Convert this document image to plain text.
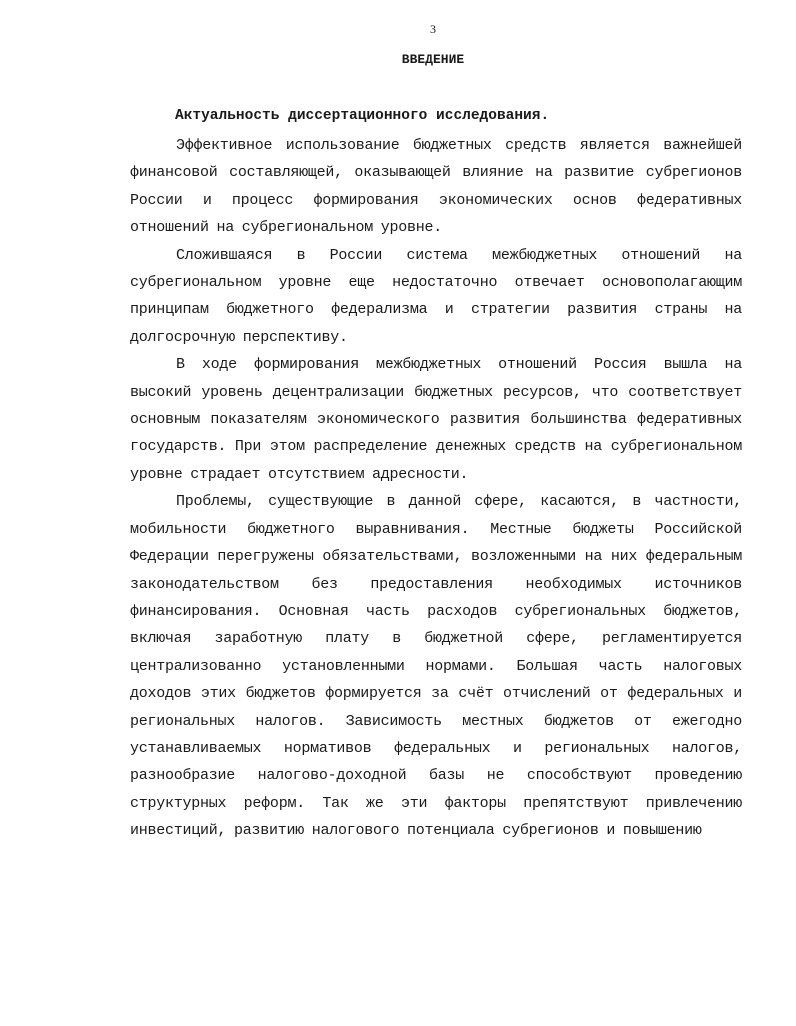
3
ВВЕДЕНИЕ
Актуальность диссертационного исследования.

Эффективное использование бюджетных средств является важнейшей финансовой составляющей, оказывающей влияние на развитие субрегионов России и процесс формирования экономических основ федеративных отношений на субрегиональном уровне.

Сложившаяся в России система межбюджетных отношений на субрегиональном уровне еще недостаточно отвечает основополагающим принципам бюджетного федерализма и стратегии развития страны на долгосрочную перспективу.

В ходе формирования межбюджетных отношений Россия вышла на высокий уровень децентрализации бюджетных ресурсов, что соответствует основным показателям экономического развития большинства федеративных государств. При этом распределение денежных средств на субрегиональном уровне страдает отсутствием адресности.

Проблемы, существующие в данной сфере, касаются, в частности, мобильности бюджетного выравнивания. Местные бюджеты Российской Федерации перегружены обязательствами, возложенными на них федеральным законодательством без предоставления необходимых источников финансирования. Основная часть расходов субрегиональных бюджетов, включая заработную плату в бюджетной сфере, регламентируется централизованно установленными нормами. Большая часть налоговых доходов этих бюджетов формируется за счёт отчислений от федеральных и региональных налогов. Зависимость местных бюджетов от ежегодно устанавливаемых нормативов федеральных и региональных налогов, разнообразие налогово-доходной базы не способствуют проведению структурных реформ. Так же эти факторы препятствуют привлечению инвестиций, развитию налогового потенциала субрегионов и повышению
